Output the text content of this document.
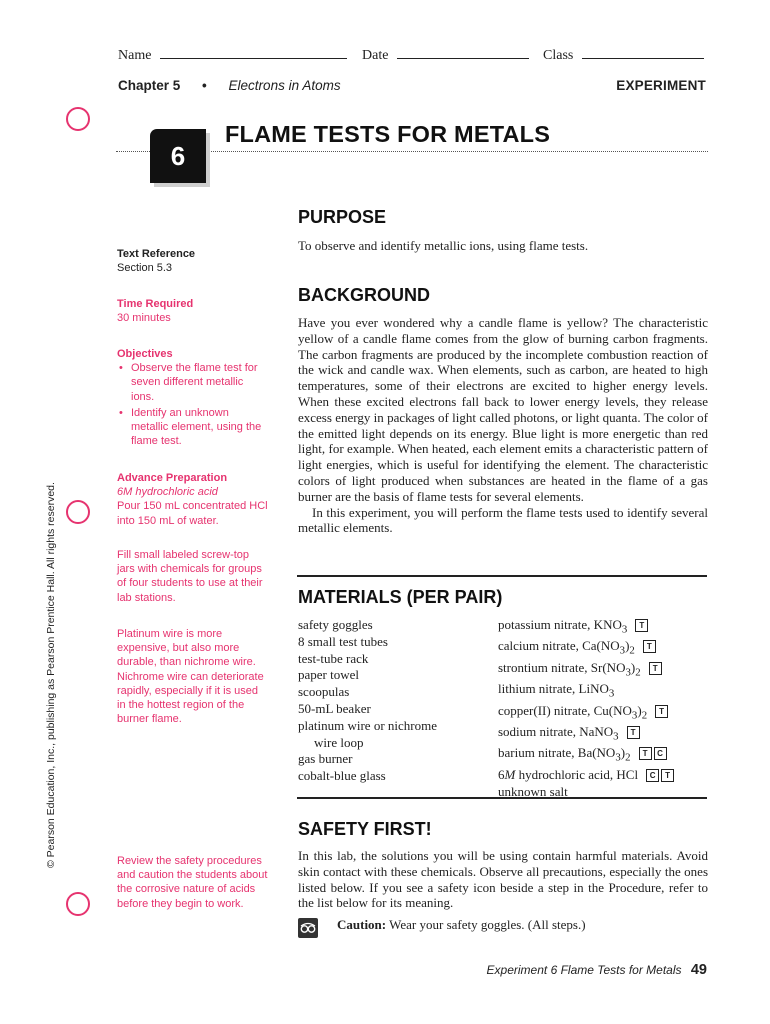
Name	Date	Class
Chapter 5 • Electrons in Atoms	EXPERIMENT
6
FLAME TESTS FOR METALS
© Pearson Education, Inc., publishing as Pearson Prentice Hall. All rights reserved.
Text Reference
Section 5.3
Time Required
30 minutes
Objectives
• Observe the flame test for seven different metallic ions.
• Identify an unknown metallic element, using the flame test.
Advance Preparation
6M hydrochloric acid
Pour 150 mL concentrated HCl into 150 mL of water.
Fill small labeled screw-top jars with chemicals for groups of four students to use at their lab stations.
Platinum wire is more expensive, but also more durable, than nichrome wire. Nichrome wire can deteriorate rapidly, especially if it is used in the hottest region of the burner flame.
Review the safety procedures and caution the students about the corrosive nature of acids before they begin to work.
PURPOSE
To observe and identify metallic ions, using flame tests.
BACKGROUND

Have you ever wondered why a candle flame is yellow? The characteristic yellow of a candle flame comes from the glow of burning carbon fragments. The carbon fragments are produced by the incomplete combustion reaction of the wick and candle wax. When elements, such as carbon, are heated to high temperatures, some of their electrons are excited to higher energy levels. When these excited electrons fall back to lower energy levels, they release excess energy in packages of light called photons, or light quanta. The color of the emitted light depends on its energy. Blue light is more energetic than red light, for example. When heated, each element emits a characteristic pattern of light energies, which is useful for identifying the element. The characteristic colors of light produced when substances are heated in the flame of a gas burner are the basis of flame tests for several elements.

In this experiment, you will perform the flame tests used to identify several metallic elements.

MATERIALS (PER PAIR)
safety goggles
8 small test tubes
test-tube rack
paper towel
scoopulas
50-mL beaker
platinum wire or nichrome
wire loop
gas burner
cobalt-blue glass
potassium nitrate, $KNO_3$ T
calcium nitrate, $Ca(NO_3)_2$ T
strontium nitrate, $Sr(NO_3)_2$ T
lithium nitrate, LiNO$_3$
copper(II) nitrate, $Cu(NO_3)_2$ T
sodium nitrate, NaNO$_3$ T
barium nitrate, $Ba(NO_3)_2$ T C
6M hydrochloric acid, HCl C T
unknown salt
SAFETY FIRST!
In this lab, the solutions you will be using contain harmful materials. Avoid skin contact with these chemicals. Observe all precautions, especially the ones listed below. If you see a safety icon beside a step in the Procedure, refer to the list below for its meaning.
Caution: Wear your safety goggles. (All steps.)
Experiment 6 Flame Tests for Metals 49
